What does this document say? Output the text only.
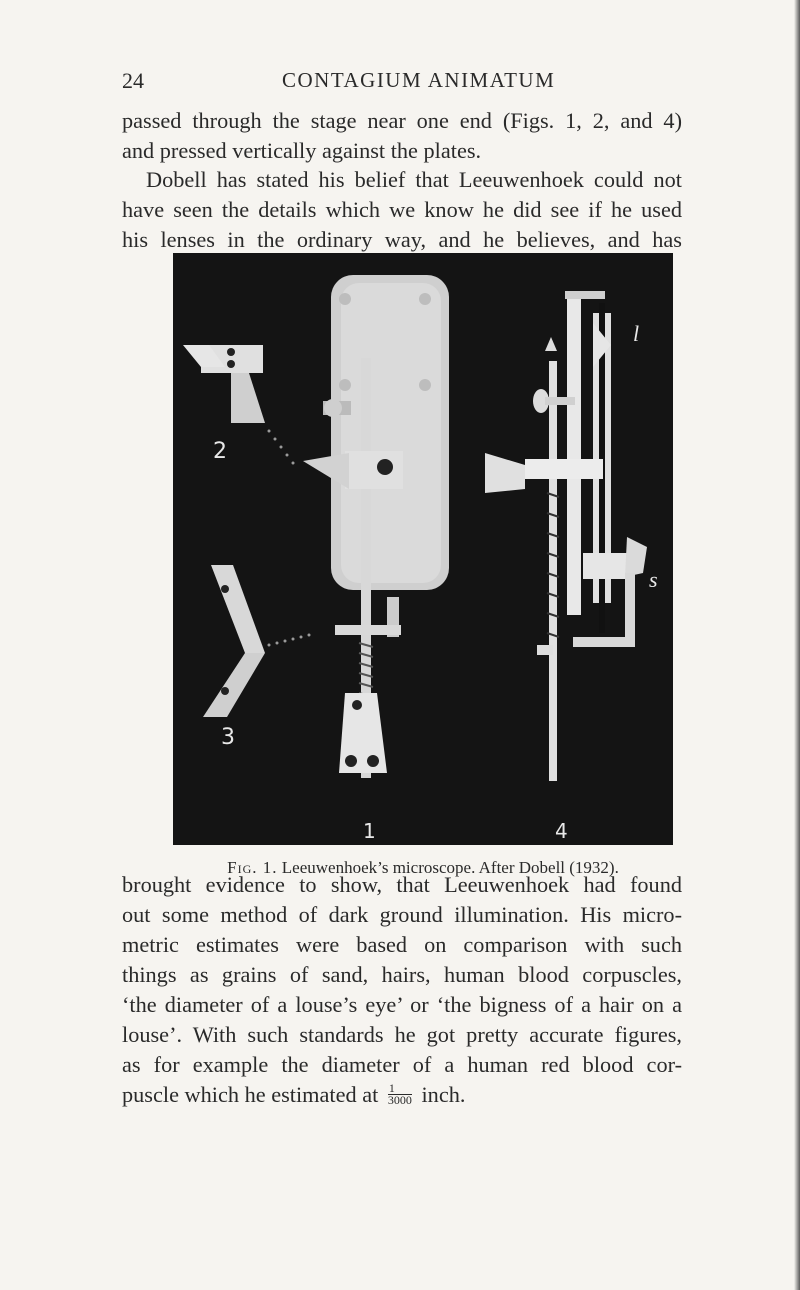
24	CONTAGIUM ANIMATUM
passed through the stage near one end (Figs. 1, 2, and 4)
and pressed vertically against the plates.
Dobell has stated his belief that Leeuwenhoek could not
have seen the details which we know he did see if he used
his lenses in the ordinary way, and he believes, and has
2
3
1	4
l
s
Fig. 1. Leeuwenhoek’s microscope. After Dobell (1932).
brought evidence to show, that Leeuwenhoek had found
out some method of dark ground illumination. His micro-
metric estimates were based on comparison with such
things as grains of sand, hairs, human blood corpuscles,
‘the diameter of a louse’s eye’ or ‘the bigness of a hair on a
louse’. With such standards he got pretty accurate figures,
as for example the diameter of a human red blood cor-
puscle which he estimated at $\frac{1}{3000}$ inch.
